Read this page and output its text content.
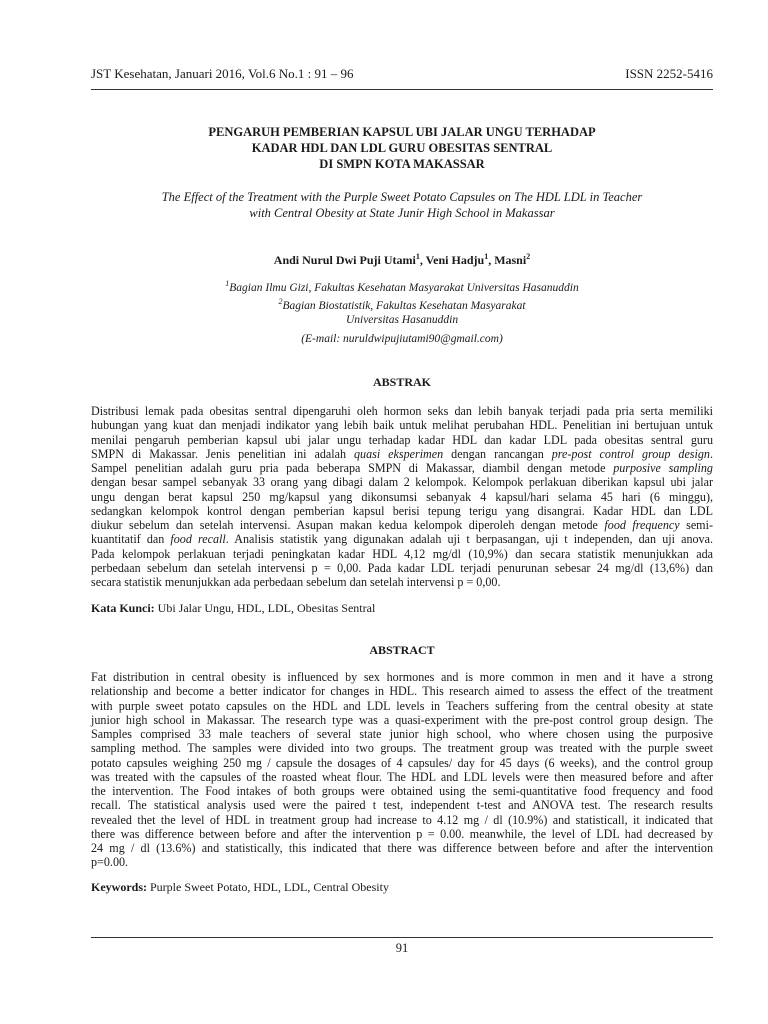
JST Kesehatan, Januari 2016, Vol.6 No.1 : 91 – 96	ISSN 2252-5416
PENGARUH PEMBERIAN KAPSUL UBI JALAR UNGU TERHADAP
KADAR HDL DAN LDL GURU OBESITAS SENTRAL
DI SMPN KOTA MAKASSAR
The Effect of the Treatment with the Purple Sweet Potato Capsules on The HDL LDL in Teacher
with Central Obesity at State Junir High School in Makassar
Andi Nurul Dwi Puji Utami$^1$, Veni Hadju$^1$, Masni$^2$
$^1$Bagian Ilmu Gizi, Fakultas Kesehatan Masyarakat Universitas Hasanuddin
$^2$Bagian Biostatistik, Fakultas Kesehatan Masyarakat
Universitas Hasanuddin
(E-mail: nuruldwipujiutami90@gmail.com)
ABSTRAK
Distribusi lemak pada obesitas sentral dipengaruhi oleh hormon seks dan lebih banyak terjadi pada pria serta memiliki
hubungan yang kuat dan menjadi indikator yang lebih baik untuk melihat perubahan HDL. Penelitian ini bertujuan untuk
menilai pengaruh pemberian kapsul ubi jalar ungu terhadap kadar HDL dan kadar LDL pada obesitas sentral guru
SMPN di Makassar. Jenis penelitian ini adalah quasi eksperimen dengan rancangan pre-post control group design.
Sampel penelitian adalah guru pria pada beberapa SMPN di Makassar, diambil dengan metode purposive sampling
dengan besar sampel sebanyak 33 orang yang dibagi dalam 2 kelompok. Kelompok perlakuan diberikan kapsul ubi jalar
ungu dengan berat kapsul 250 mg/kapsul yang dikonsumsi sebanyak 4 kapsul/hari selama 45 hari (6 minggu),
sedangkan kelompok kontrol dengan pemberian kapsul berisi tepung terigu yang disangrai. Kadar HDL dan LDL
diukur sebelum dan setelah intervensi. Asupan makan kedua kelompok diperoleh dengan metode food frequency semi-
kuantitatif dan food recall. Analisis statistik yang digunakan adalah uji t berpasangan, uji t independen, dan uji anova.
Pada kelompok perlakuan terjadi peningkatan kadar HDL 4,12 mg/dl (10,9%) dan secara statistik menunjukkan ada
perbedaan sebelum dan setelah intervensi p = 0,00. Pada kadar LDL terjadi penurunan sebesar 24 mg/dl (13,6%) dan
secara statistik menunjukkan ada perbedaan sebelum dan setelah intervensi p = 0,00.
Kata Kunci: Ubi Jalar Ungu, HDL, LDL, Obesitas Sentral
ABSTRACT
Fat distribution in central obesity is influenced by sex hormones and is more common in men and it have a strong
relationship and become a better indicator for changes in HDL. This research aimed to assess the effect of the treatment
with purple sweet potato capsules on the HDL and LDL levels in Teachers suffering from the central obesity at state
junior high school in Makassar. The research type was a quasi-experiment with the pre-post control group design. The
Samples comprised 33 male teachers of several state junior high school, who where chosen using the purposive
sampling method. The samples were divided into two groups. The treatment group was treated with the purple sweet
potato capsules weighing 250 mg / capsule the dosages of 4 capsules/ day for 45 days (6 weeks), and the control group
was treated with the capsules of the roasted wheat flour. The HDL and LDL levels were then measured before and after
the intervention. The Food intakes of both groups were obtained using the semi-quantitative food frequency and food
recall. The statistical analysis used were the paired t test, independent t-test and ANOVA test. The research results
revealed thet the level of HDL in treatment group had increase to 4.12 mg / dl (10.9%) and statisticall, it indicated that
there was difference between before and after the intervention p = 0.00. meanwhile, the level of LDL had decreased by
24 mg / dl (13.6%) and statistically, this indicated that there was difference between before and after the intervention
p=0.00.
Keywords: Purple Sweet Potato, HDL, LDL, Central Obesity
91
